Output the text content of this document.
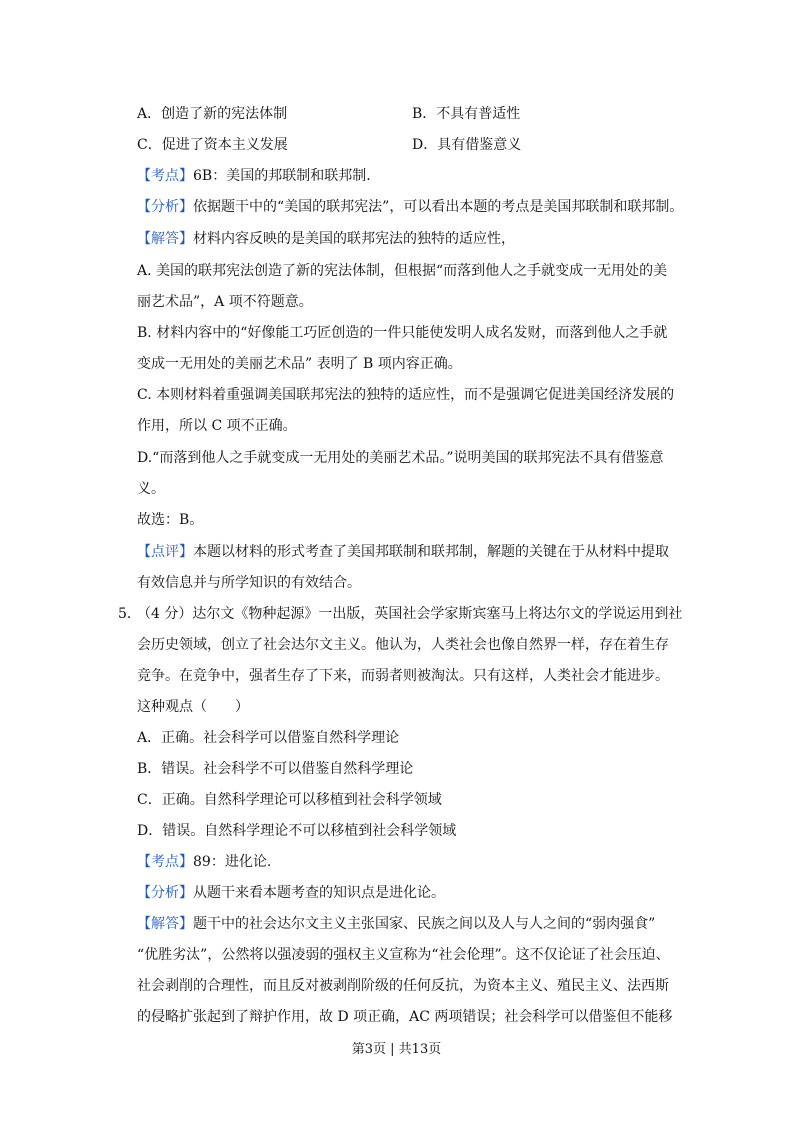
A．创造了新的宪法体制	B．不具有普适性
C．促进了资本主义发展	D．具有借鉴意义
【考点】6B：美国的邦联制和联邦制.
【分析】依据题干中的“美国的联邦宪法”，可以看出本题的考点是美国邦联制和联邦制。
【解答】材料内容反映的是美国的联邦宪法的独特的适应性，
A. 美国的联邦宪法创造了新的宪法体制，但根据“而落到他人之手就变成一无用处的美
丽艺术品”，A 项不符题意。
B. 材料内容中的“好像能工巧匠创造的一件只能使发明人成名发财，而落到他人之手就
变成一无用处的美丽艺术品” 表明了 B 项内容正确。
C. 本则材料着重强调美国联邦宪法的独特的适应性，而不是强调它促进美国经济发展的
作用，所以 C 项不正确。
D.“而落到他人之手就变成一无用处的美丽艺术品。”说明美国的联邦宪法不具有借鉴意
义。
故选：B。
【点评】本题以材料的形式考查了美国邦联制和联邦制，解题的关键在于从材料中提取
有效信息并与所学知识的有效结合。
5．
（4 分）达尔文《物种起源》一出版，英国社会学家斯宾塞马上将达尔文的学说运用到社
会历史领域，创立了社会达尔文主义。他认为，人类社会也像自然界一样，存在着生存
竞争。在竞争中，强者生存了下来，而弱者则被淘汰。只有这样，人类社会才能进步。
这种观点（　　）
A．正确。社会科学可以借鉴自然科学理论
B．错误。社会科学不可以借鉴自然科学理论
C．正确。自然科学理论可以移植到社会科学领域
D．错误。自然科学理论不可以移植到社会科学领域
【考点】89：进化论.
【分析】从题干来看本题考查的知识点是进化论。
【解答】题干中的社会达尔文主义主张国家、民族之间以及人与人之间的“弱肉强食”
“优胜劣汰”，公然将以强凌弱的强权主义宣称为“社会伦理”。这不仅论证了社会压迫、
社会剥削的合理性，而且反对被剥削阶级的任何反抗，为资本主义、殖民主义、法西斯
的侵略扩张起到了辩护作用，故 D 项正确，AC 两项错误；社会科学可以借鉴但不能移
第3页 | 共13页
